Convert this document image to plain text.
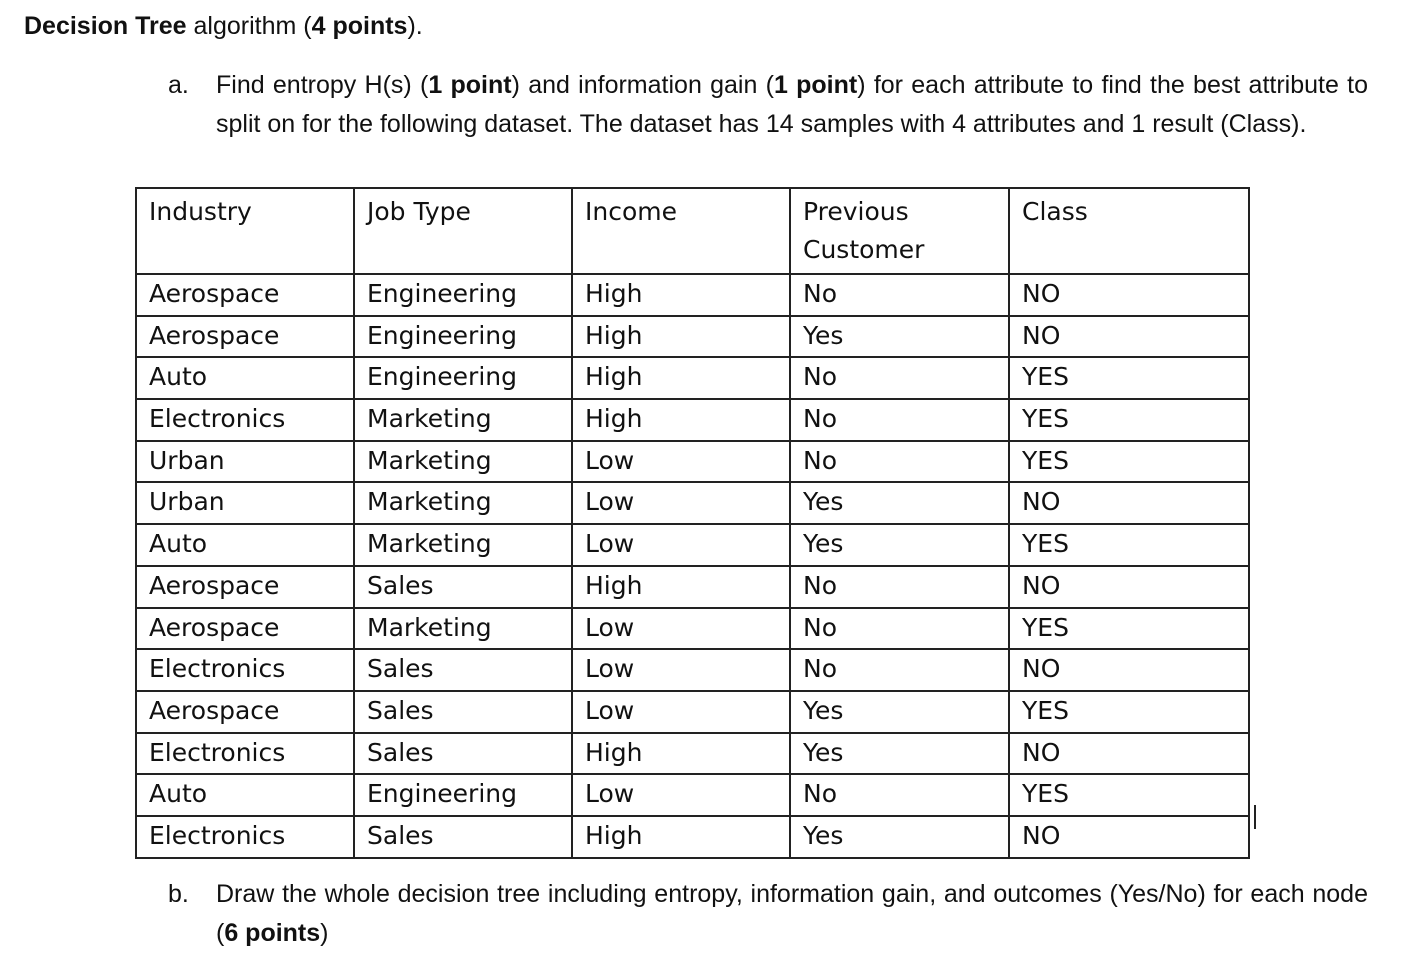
Decision Tree algorithm (4 points).
a. Find entropy H(s) (1 point) and information gain (1 point) for each attribute to find the best attribute to split on for the following dataset. The dataset has 14 samples with 4 attributes and 1 result (Class).
Industry	Job Type	Income	Previous Customer	Class
Aerospace	Engineering	High	No	NO
Aerospace	Engineering	High	Yes	NO
Auto	Engineering	High	No	YES
Electronics	Marketing	High	No	YES
Urban	Marketing	Low	No	YES
Urban	Marketing	Low	Yes	NO
Auto	Marketing	Low	Yes	YES
Aerospace	Sales	High	No	NO
Aerospace	Marketing	Low	No	YES
Electronics	Sales	Low	No	NO
Aerospace	Sales	Low	Yes	YES
Electronics	Sales	High	Yes	NO
Auto	Engineering	Low	No	YES
Electronics	Sales	High	Yes	NO
b. Draw the whole decision tree including entropy, information gain, and outcomes (Yes/No) for each node (6 points)
